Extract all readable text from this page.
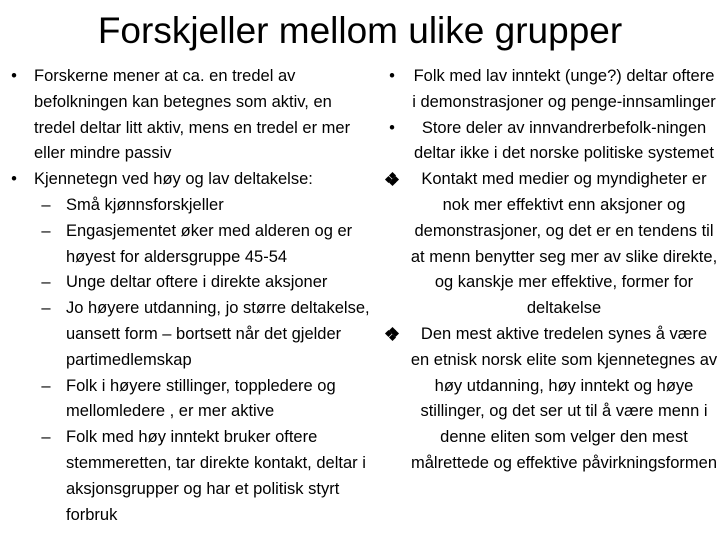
Forskjeller mellom ulike grupper
•	Forskerne mener at ca. en tredel av befolkningen kan betegnes som aktiv, en tredel deltar litt aktiv, mens en tredel er mer eller mindre passiv
•	Kjennetegn ved høy og lav deltakelse:
– Små kjønnsforskjeller
– Engasjementet øker med alderen og er høyest for aldersgruppe 45-54
– Unge deltar oftere i direkte aksjoner
– Jo høyere utdanning, jo større deltakelse, uansett form – bortsett når det gjelder partimedlemskap
– Folk i høyere stillinger, toppledere og mellomledere , er mer aktive
– Folk med høy inntekt bruker oftere stemmeretten, tar direkte kontakt, deltar i aksjonsgrupper og har et politisk styrt forbruk
•	Folk med lav inntekt (unge?) deltar oftere i demonstrasjoner og penge-innsamlinger
•	Store deler av innvandrerbefolk-ningen deltar ikke i det norske politiske systemet
Kontakt med medier og myndigheter er nok mer effektivt enn aksjoner og demonstrasjoner, og det er en tendens til at menn benytter seg mer av slike direkte, og kanskje mer effektive, former for deltakelse
Den mest aktive tredelen synes å være en etnisk norsk elite som kjennetegnes av høy utdanning, høy inntekt og høye stillinger, og det ser ut til å være menn i denne eliten som velger den mest målrettede og effektive påvirkningsformen
